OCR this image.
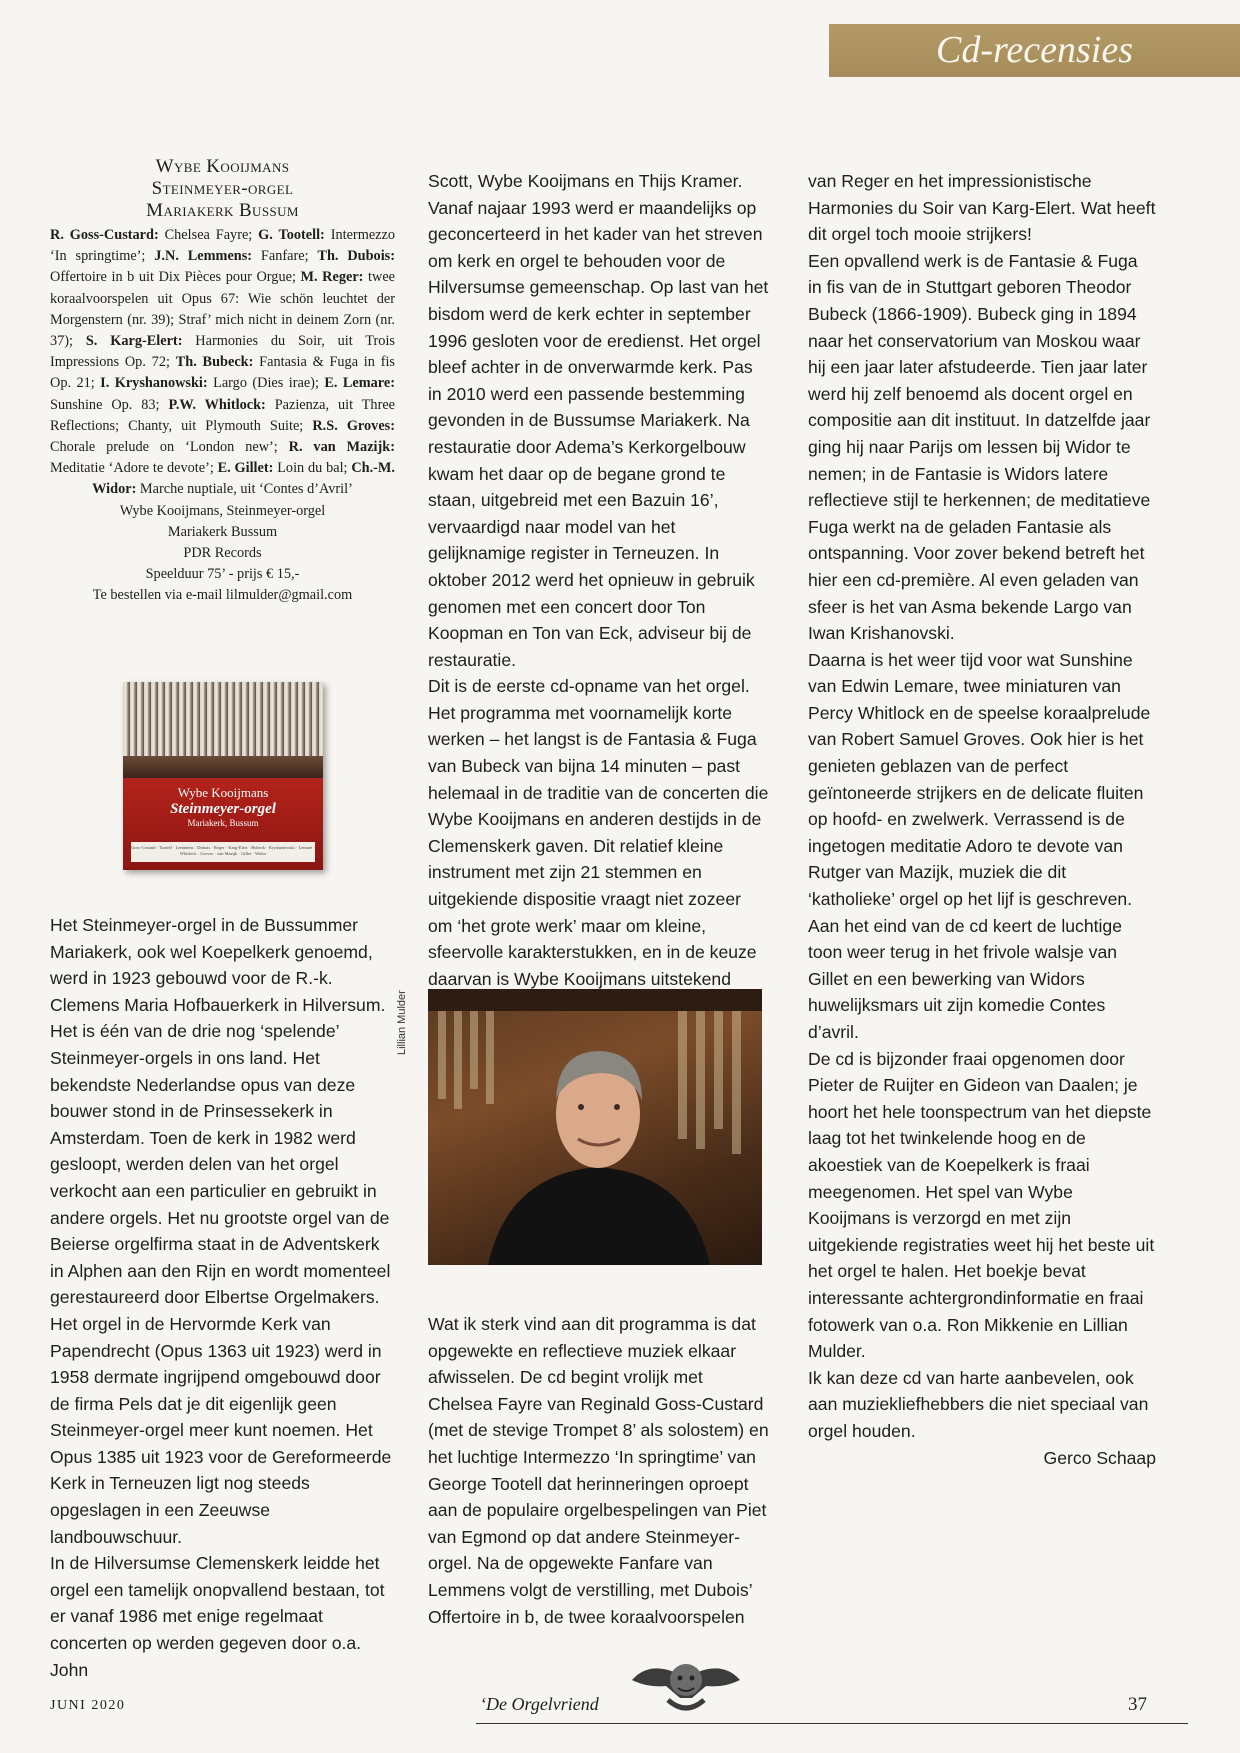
Cd-recensies
Wybe Kooijmans
Steinmeyer-orgel
Mariakerk Bussum
R. Goss-Custard: Chelsea Fayre; G. Tootell: Intermezzo ‘In springtime’; J.N. Lemmens: Fanfare; Th. Dubois: Offertoire in b uit Dix Pièces pour Orgue; M. Reger: twee koraalvoorspelen uit Opus 67: Wie schön leuchtet der Morgenstern (nr. 39); Straf’ mich nicht in deinem Zorn (nr. 37); S. Karg-Elert: Harmonies du Soir, uit Trois Impressions Op. 72; Th. Bubeck: Fantasia & Fuga in fis Op. 21; I. Kryshanowski: Largo (Dies irae); E. Lemare: Sunshine Op. 83; P.W. Whitlock: Pazienza, uit Three Reflections; Chanty, uit Plymouth Suite; R.S. Groves: Chorale prelude on ‘London new’; R. van Mazijk: Meditatie ‘Adore te devote’; E. Gillet: Loin du bal; Ch.-M. Widor: Marche nuptiale, uit ‘Contes d’Avril’
Wybe Kooijmans, Steinmeyer-orgel
Mariakerk Bussum
PDR Records
Speelduur 75’ - prijs € 15,-
Te bestellen via e-mail lilmulder@gmail.com
Wybe Kooijmans
Steinmeyer-orgel
Mariakerk, Bussum
Goss-Custard · Tootell · Lemmens · Dubois · Reger · Karg-Elert · Bubeck · Kryshanowski · Lemare · Whitlock · Groves · van Mazijk · Gillet · Widor

Het Steinmeyer-orgel in de Bussummer Mariakerk, ook wel Koepelkerk genoemd, werd in 1923 gebouwd voor de R.-k. Clemens Maria Hofbauerkerk in Hilversum. Het is één van de drie nog ‘spelende’ Steinmeyer-orgels in ons land. Het bekendste Nederlandse opus van deze bouwer stond in de Prinsessekerk in Amsterdam. Toen de kerk in 1982 werd gesloopt, werden delen van het orgel verkocht aan een particulier en gebruikt in andere orgels. Het nu grootste orgel van de Beierse orgelfirma staat in de Adventskerk in Alphen aan den Rijn en wordt momenteel gerestaureerd door Elbertse Orgelmakers.

Het orgel in de Hervormde Kerk van Papendrecht (Opus 1363 uit 1923) werd in 1958 dermate ingrijpend omgebouwd door de firma Pels dat je dit eigenlijk geen Steinmeyer-orgel meer kunt noemen. Het Opus 1385 uit 1923 voor de Gereformeerde Kerk in Terneuzen ligt nog steeds opgeslagen in een Zeeuwse landbouwschuur.

In de Hilversumse Clemenskerk leidde het orgel een tamelijk onopvallend bestaan, tot er vanaf 1986 met enige regelmaat concerten op werden gegeven door o.a. John

Scott, Wybe Kooijmans en Thijs Kramer. Vanaf najaar 1993 werd er maandelijks op geconcerteerd in het kader van het streven om kerk en orgel te behouden voor de Hilversumse gemeenschap. Op last van het bisdom werd de kerk echter in september 1996 gesloten voor de eredienst. Het orgel bleef achter in de onverwarmde kerk. Pas in 2010 werd een passende bestemming gevonden in de Bussumse Mariakerk. Na restauratie door Adema’s Kerkorgelbouw kwam het daar op de begane grond te staan, uitgebreid met een Bazuin 16’, vervaardigd naar model van het gelijknamige register in Terneuzen. In oktober 2012 werd het opnieuw in gebruik genomen met een concert door Ton Koopman en Ton van Eck, adviseur bij de restauratie.

Dit is de eerste cd-opname van het orgel. Het programma met voornamelijk korte werken – het langst is de Fantasia & Fuga van Bubeck van bijna 14 minuten – past helemaal in de traditie van de concerten die Wybe Kooijmans en anderen destijds in de Clemenskerk gaven. Dit relatief kleine instrument met zijn 21 stemmen en uitgekiende dispositie vraagt niet zozeer om ‘het grote werk’ maar om kleine, sfeervolle karakterstukken, en in de keuze daarvan is Wybe Kooijmans uitstekend

Lillian Mulder

Wat ik sterk vind aan dit programma is dat opgewekte en reflectieve muziek elkaar afwisselen. De cd begint vrolijk met Chelsea Fayre van Reginald Goss-Custard (met de stevige Trompet 8’ als solostem) en het luchtige Intermezzo ‘In springtime’ van George Tootell dat herinneringen oproept aan de populaire orgelbespelingen van Piet van Egmond op dat andere Steinmeyer-orgel. Na de opgewekte Fanfare van Lemmens volgt de verstilling, met Dubois’ Offertoire in b, de twee koraalvoorspelen

van Reger en het impressionistische Harmonies du Soir van Karg-Elert. Wat heeft dit orgel toch mooie strijkers!

Een opvallend werk is de Fantasie & Fuga in fis van de in Stuttgart geboren Theodor Bubeck (1866-1909). Bubeck ging in 1894 naar het conservatorium van Moskou waar hij een jaar later afstudeerde. Tien jaar later werd hij zelf benoemd als docent orgel en compositie aan dit instituut. In datzelfde jaar ging hij naar Parijs om lessen bij Widor te nemen; in de Fantasie is Widors latere reflectieve stijl te herkennen; de meditatieve Fuga werkt na de geladen Fantasie als ontspanning. Voor zover bekend betreft het hier een cd-première. Al even geladen van sfeer is het van Asma bekende Largo van Iwan Krishanovski.

Daarna is het weer tijd voor wat Sunshine van Edwin Lemare, twee miniaturen van Percy Whitlock en de speelse koraalprelude van Robert Samuel Groves. Ook hier is het genieten geblazen van de perfect geïntoneerde strijkers en de delicate fluiten op hoofd- en zwelwerk. Verrassend is de ingetogen meditatie Adoro te devote van Rutger van Mazijk, muziek die dit ‘katholieke’ orgel op het lijf is geschreven. Aan het eind van de cd keert de luchtige toon weer terug in het frivole walsje van Gillet en een bewerking van Widors huwelijksmars uit zijn komedie Contes d’avril.

De cd is bijzonder fraai opgenomen door Pieter de Ruijter en Gideon van Daalen; je hoort het hele toonspectrum van het diepste laag tot het twinkelende hoog en de akoestiek van de Koepelkerk is fraai meegenomen. Het spel van Wybe Kooijmans is verzorgd en met zijn uitgekiende registraties weet hij het beste uit het orgel te halen. Het boekje bevat interessante achtergrondinformatie en fraai fotowerk van o.a. Ron Mikkenie en Lillian Mulder.

Ik kan deze cd van harte aanbevelen, ook aan muziekliefhebbers die niet speciaal van orgel houden.

Gerco Schaap

JUNI 2020	‘De Orgelvriend	37
